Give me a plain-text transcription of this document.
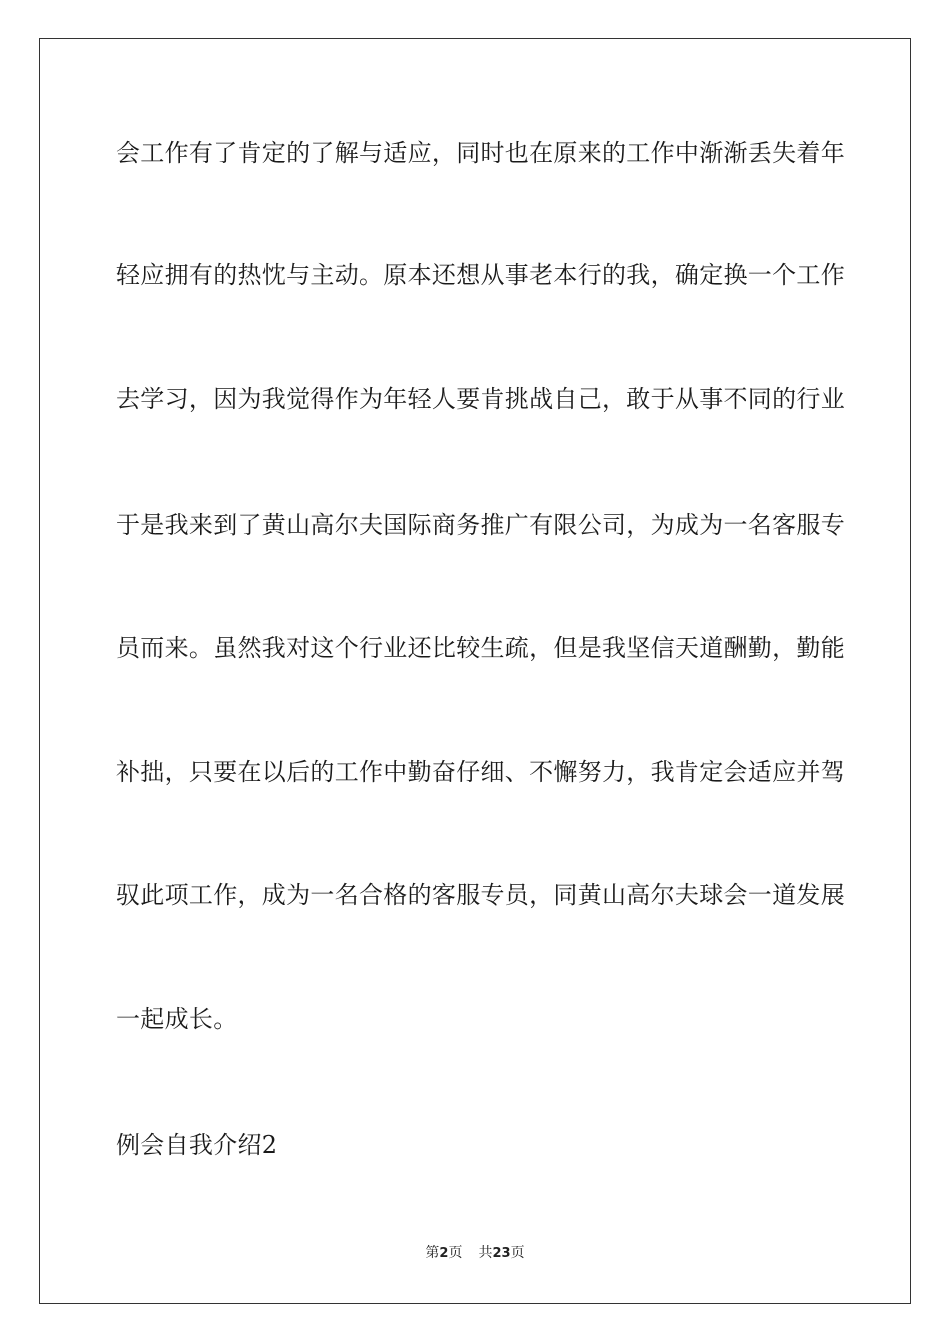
会工作有了肯定的了解与适应，同时也在原来的工作中渐渐丢失着年
轻应拥有的热忱与主动。原本还想从事老本行的我，确定换一个工作
去学习，因为我觉得作为年轻人要肯挑战自己，敢于从事不同的行业
于是我来到了黄山高尔夫国际商务推广有限公司，为成为一名客服专
员而来。虽然我对这个行业还比较生疏，但是我坚信天道酬勤，勤能
补拙，只要在以后的工作中勤奋仔细、不懈努力，我肯定会适应并驾
驭此项工作，成为一名合格的客服专员，同黄山高尔夫球会一道发展
一起成长。
例会自我介绍2
第2页 共23页
